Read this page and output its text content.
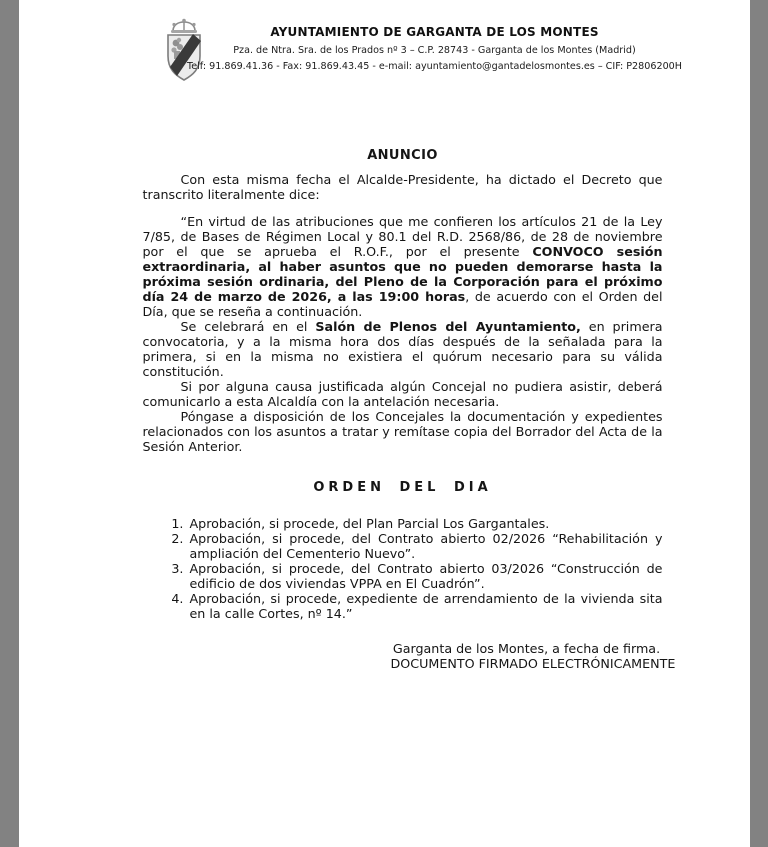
AYUNTAMIENTO DE GARGANTA DE LOS MONTES
Pza. de Ntra. Sra. de los Prados nº 3 – C.P. 28743 - Garganta de los Montes (Madrid)
Telf: 91.869.41.36 - Fax: 91.869.43.45 - e-mail: ayuntamiento@gantadelosmontes.es – CIF: P2806200H
ANUNCIO

Con esta misma fecha el Alcalde-Presidente, ha dictado el Decreto que transcrito literalmente dice:

“En virtud de las atribuciones que me confieren los artículos 21 de la Ley 7/85, de Bases de Régimen Local y 80.1 del R.D. 2568/86, de 28 de noviembre por el que se aprueba el R.O.F., por el presente CONVOCO sesión extraordinaria, al haber asuntos que no pueden demorarse hasta la próxima sesión ordinaria, del Pleno de la Corporación para el próximo día 24 de marzo de 2026, a las 19:00 horas, de acuerdo con el Orden del Día, que se reseña a continuación.

Se celebrará en el Salón de Plenos del Ayuntamiento, en primera convocatoria, y a la misma hora dos días después de la señalada para la primera, si en la misma no existiera el quórum necesario para su válida constitución.

Si por alguna causa justificada algún Concejal no pudiera asistir, deberá comunicarlo a esta Alcaldía con la antelación necesaria.

Póngase a disposición de los Concejales la documentación y expedientes relacionados con los asuntos a tratar y remítase copia del Borrador del Acta de la Sesión Anterior.

ORDEN DEL DIA
1. Aprobación, si procede, del Plan Parcial Los Gargantales.
2. Aprobación, si procede, del Contrato abierto 02/2026 “Rehabilitación y ampliación del Cementerio Nuevo”.
3. Aprobación, si procede, del Contrato abierto 03/2026 “Construcción de edificio de dos viviendas VPPA en El Cuadrón”.
4. Aprobación, si procede, expediente de arrendamiento de la vivienda sita en la calle Cortes, nº 14.”
Garganta de los Montes, a fecha de firma.
DOCUMENTO FIRMADO ELECTRÓNICAMENTE
